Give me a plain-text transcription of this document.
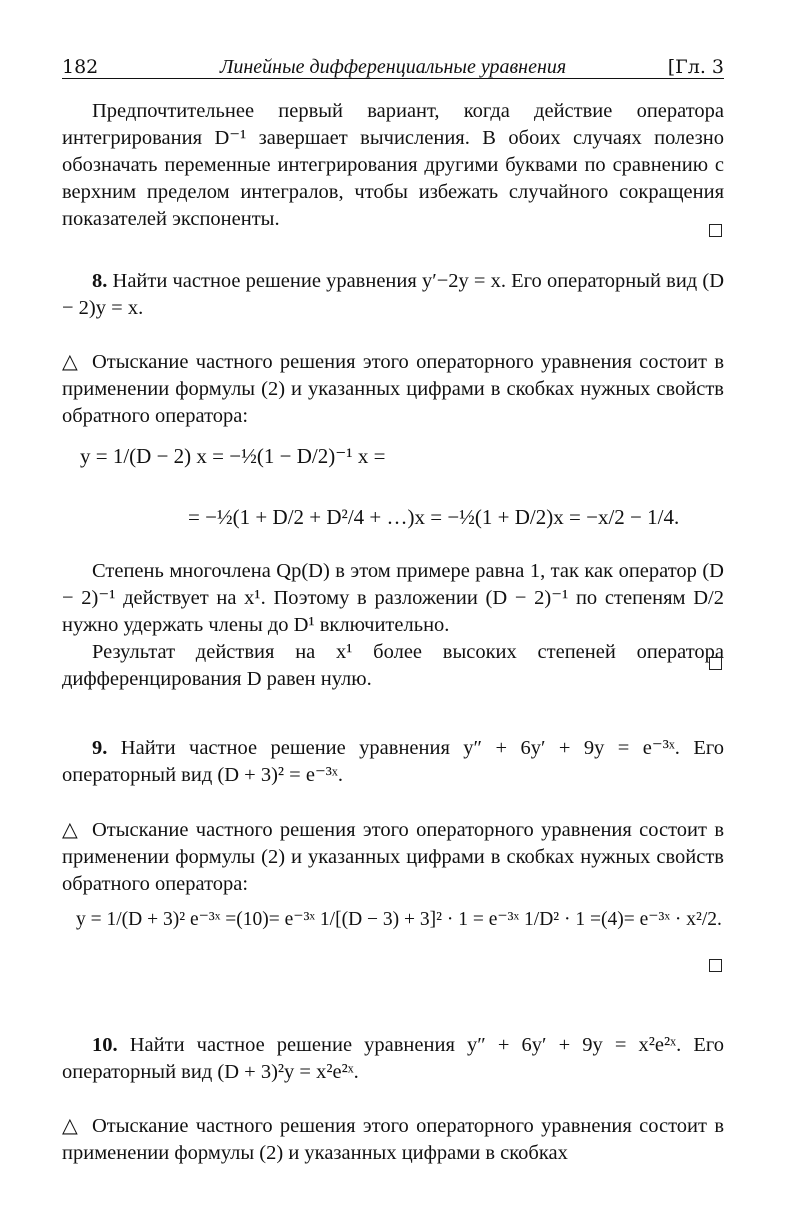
182	Линейные дифференциальные уравнения	[Гл. 3
Предпочтительнее первый вариант, когда действие оператора интегрирования D⁻¹ завершает вычисления. В обоих случаях полезно обозначать переменные интегрирования другими буквами по сравнению с верхним пределом интегралов, чтобы избежать случайного сокращения показателей экспоненты.
8. Найти частное решение уравнения y′−2y = x. Его операторный вид (D − 2)y = x.
△ Отыскание частного решения этого операторного уравнения состоит в применении формулы (2) и указанных цифрами в скобках нужных свойств обратного оператора:
y = 1/(D − 2) x = −½(1 − D/2)⁻¹ x =
= −½(1 + D/2 + D²/4 + …)x = −½(1 + D/2)x = −x/2 − 1/4.
Степень многочлена Qp(D) в этом примере равна 1, так как оператор (D − 2)⁻¹ действует на x¹. Поэтому в разложении (D − 2)⁻¹ по степеням D/2 нужно удержать члены до D¹ включительно.
Результат действия на x¹ более высоких степеней оператора дифференцирования D равен нулю.
9. Найти частное решение уравнения y″ + 6y′ + 9y = e⁻³ˣ. Его операторный вид (D + 3)² = e⁻³ˣ.
△ Отыскание частного решения этого операторного уравнения состоит в применении формулы (2) и указанных цифрами в скобках нужных свойств обратного оператора:
y = 1/(D + 3)² e⁻³ˣ =(10)= e⁻³ˣ 1/[(D − 3) + 3]² · 1 = e⁻³ˣ 1/D² · 1 =(4)= e⁻³ˣ · x²/2.
10. Найти частное решение уравнения y″ + 6y′ + 9y = x²e²ˣ. Его операторный вид (D + 3)²y = x²e²ˣ.
△ Отыскание частного решения этого операторного уравнения состоит в применении формулы (2) и указанных цифрами в скобках
